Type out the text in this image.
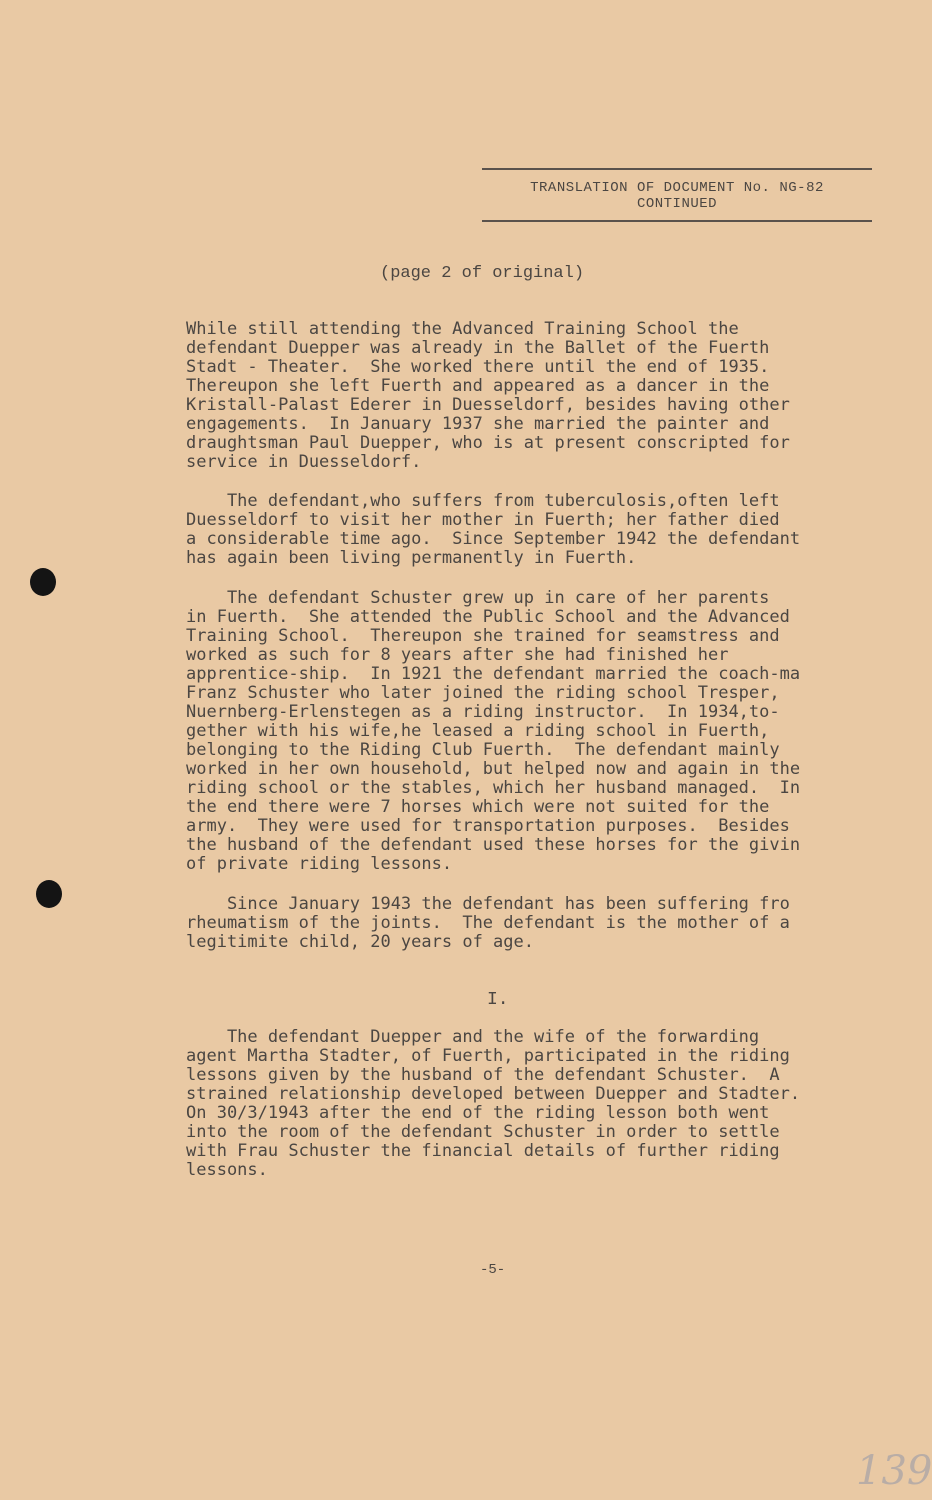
TRANSLATION OF DOCUMENT No. NG-82
CONTINUED
(page 2 of original)
While still attending the Advanced Training School the
defendant Duepper was already in the Ballet of the Fuerth
Stadt - Theater.  She worked there until the end of 1935.
Thereupon she left Fuerth and appeared as a dancer in the
Kristall-Palast Ederer in Duesseldorf, besides having other
engagements.  In January 1937 she married the painter and
draughtsman Paul Duepper, who is at present conscripted for
service in Duesseldorf.
The defendant,who suffers from tuberculosis,often left
Duesseldorf to visit her mother in Fuerth; her father died
a considerable time ago.  Since September 1942 the defendant
has again been living permanently in Fuerth.
The defendant Schuster grew up in care of her parents
in Fuerth.  She attended the Public School and the Advanced
Training School.  Thereupon she trained for seamstress and
worked as such for 8 years after she had finished her
apprentice-ship.  In 1921 the defendant married the coach-ma
Franz Schuster who later joined the riding school Tresper,
Nuernberg-Erlenstegen as a riding instructor.  In 1934,to-
gether with his wife,he leased a riding school in Fuerth,
belonging to the Riding Club Fuerth.  The defendant mainly
worked in her own household, but helped now and again in the
riding school or the stables, which her husband managed.  In
the end there were 7 horses which were not suited for the
army.  They were used for transportation purposes.  Besides
the husband of the defendant used these horses for the givin
of private riding lessons.
Since January 1943 the defendant has been suffering fro
rheumatism of the joints.  The defendant is the mother of a
legitimite child, 20 years of age.
I.
The defendant Duepper and the wife of the forwarding
agent Martha Stadter, of Fuerth, participated in the riding
lessons given by the husband of the defendant Schuster.  A
strained relationship developed between Duepper and Stadter.
On 30/3/1943 after the end of the riding lesson both went
into the room of the defendant Schuster in order to settle
with Frau Schuster the financial details of further riding
lessons.
-5-
139
